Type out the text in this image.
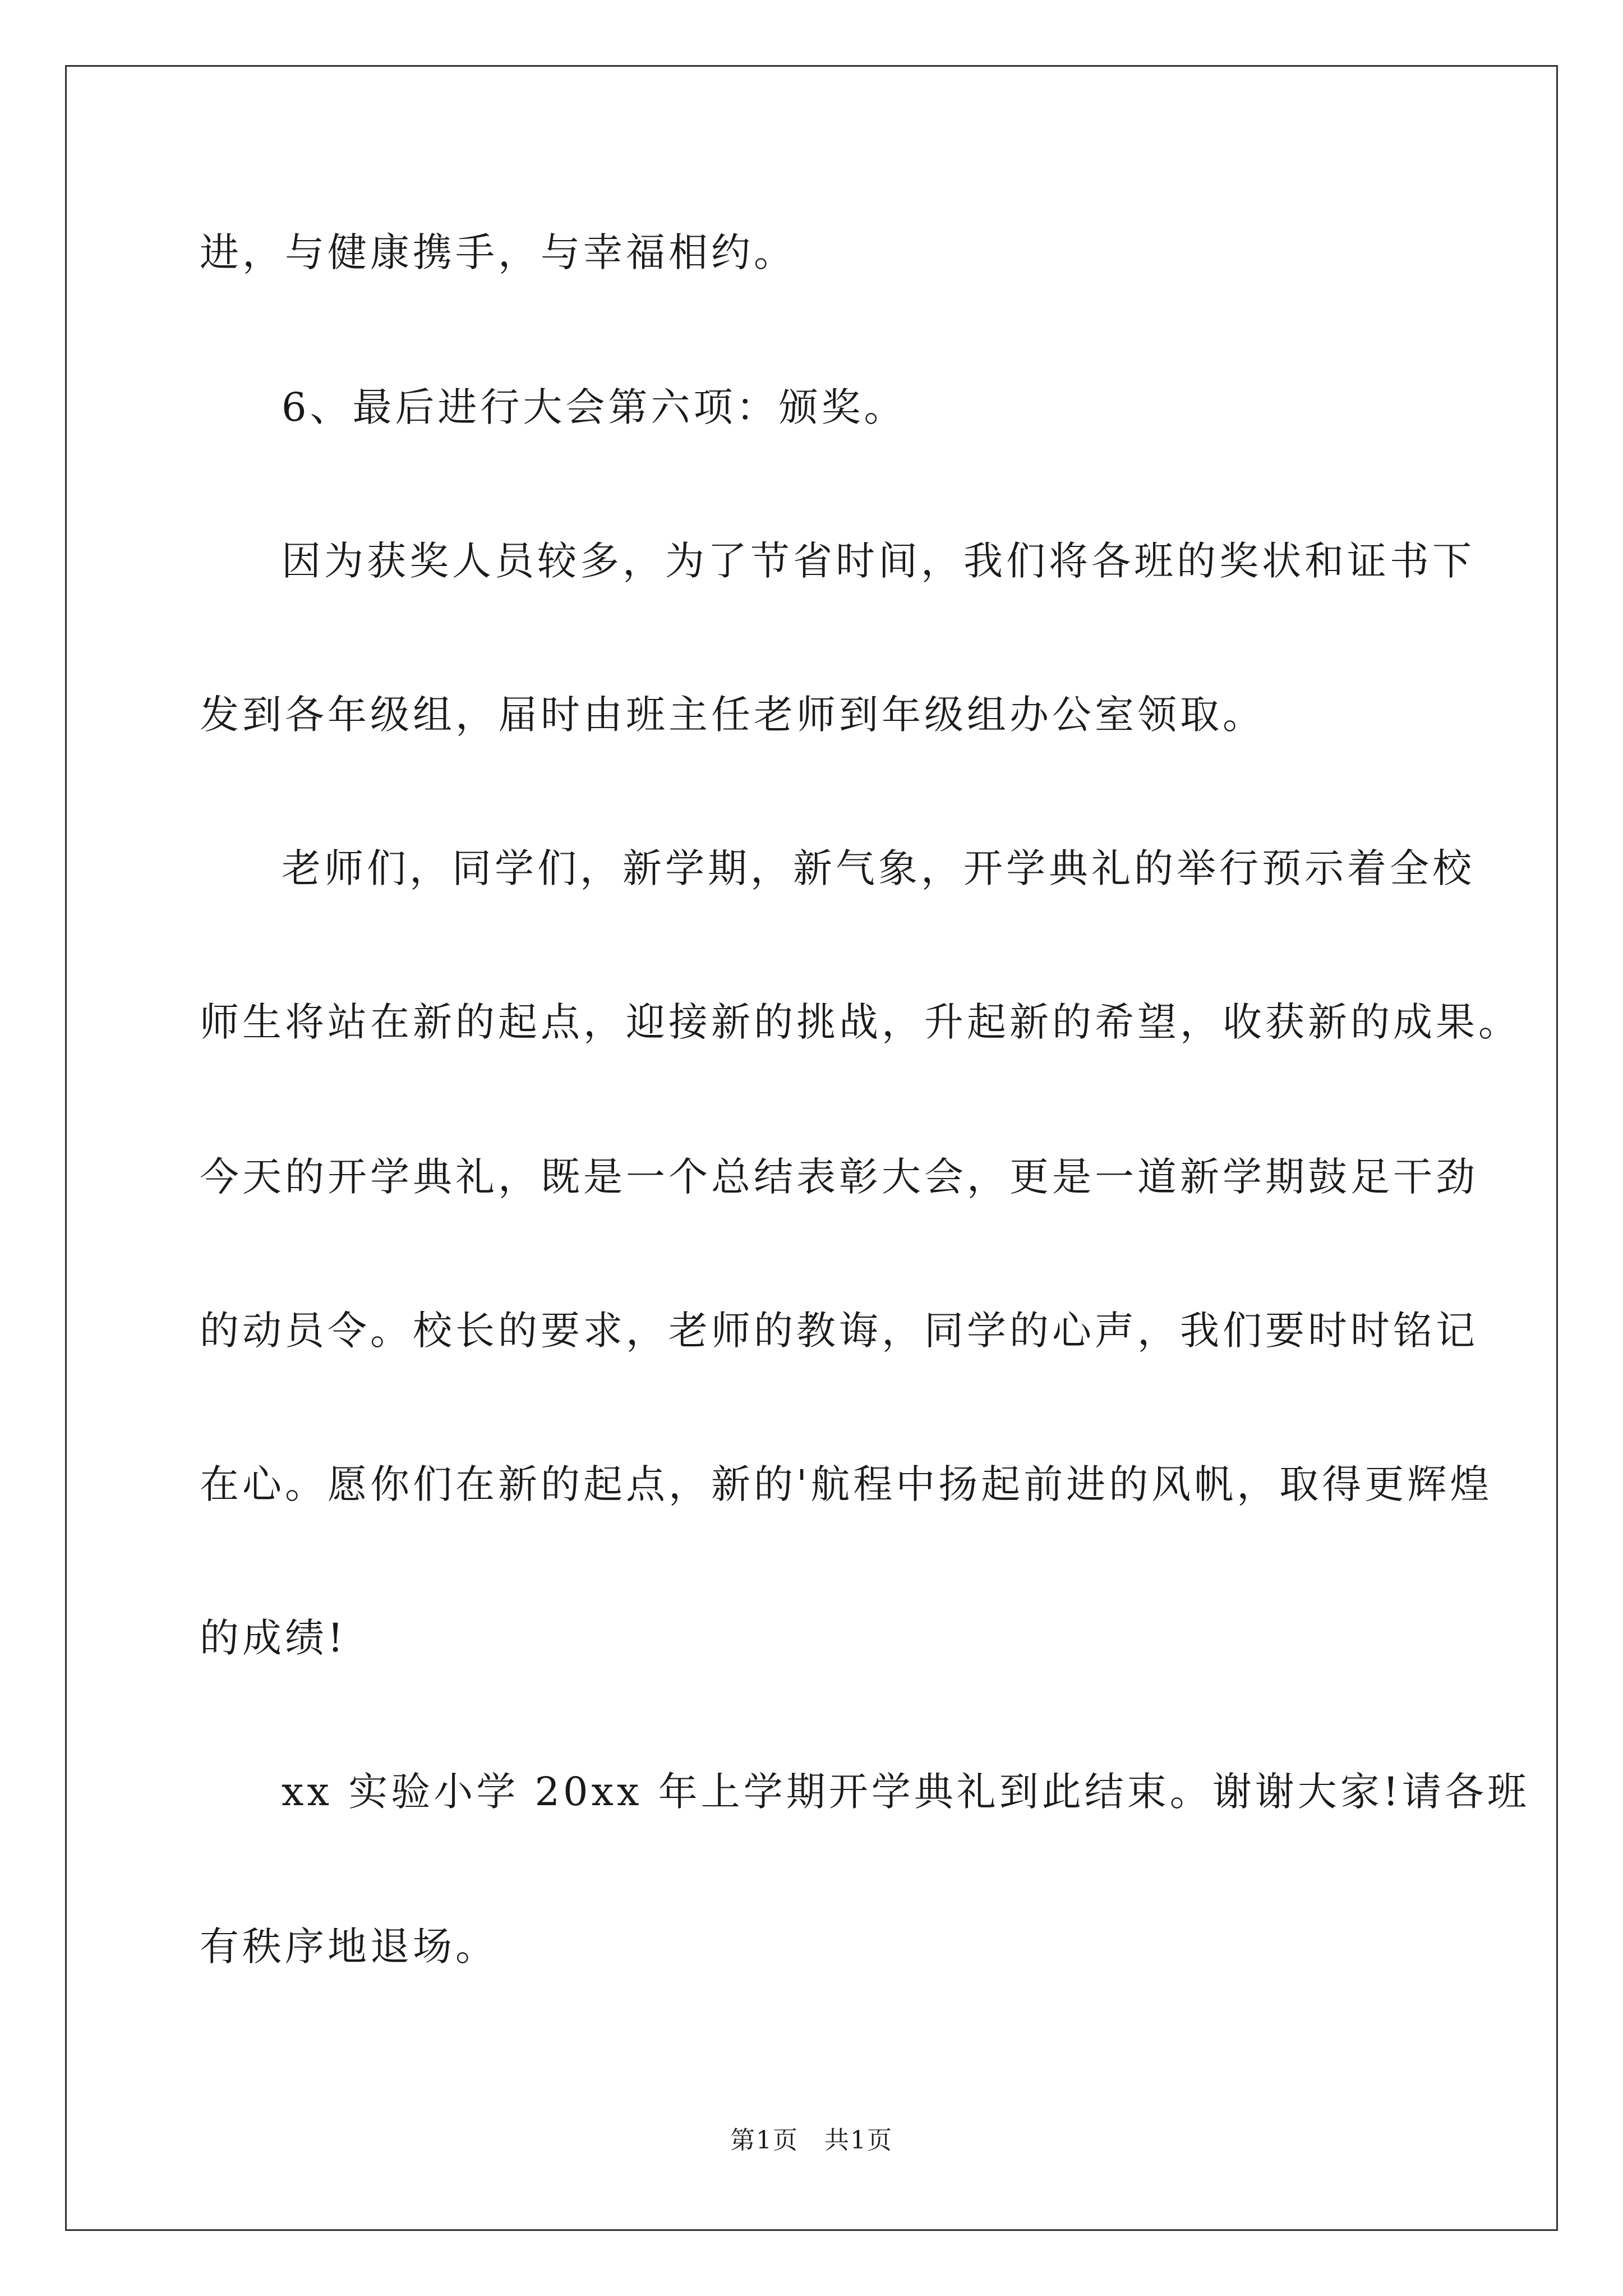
进，与健康携手，与幸福相约。
6、最后进行大会第六项：颁奖。
因为获奖人员较多，为了节省时间，我们将各班的奖状和证书下
发到各年级组，届时由班主任老师到年级组办公室领取。
老师们，同学们，新学期，新气象，开学典礼的举行预示着全校
师生将站在新的起点，迎接新的挑战，升起新的希望，收获新的成果。
今天的开学典礼，既是一个总结表彰大会，更是一道新学期鼓足干劲
的动员令。校长的要求，老师的教诲，同学的心声，我们要时时铭记
在心。愿你们在新的起点，新的'航程中扬起前进的风帆，取得更辉煌
的成绩!
xx 实验小学 20xx 年上学期开学典礼到此结束。谢谢大家!请各班
有秩序地退场。
第1页　共1页
